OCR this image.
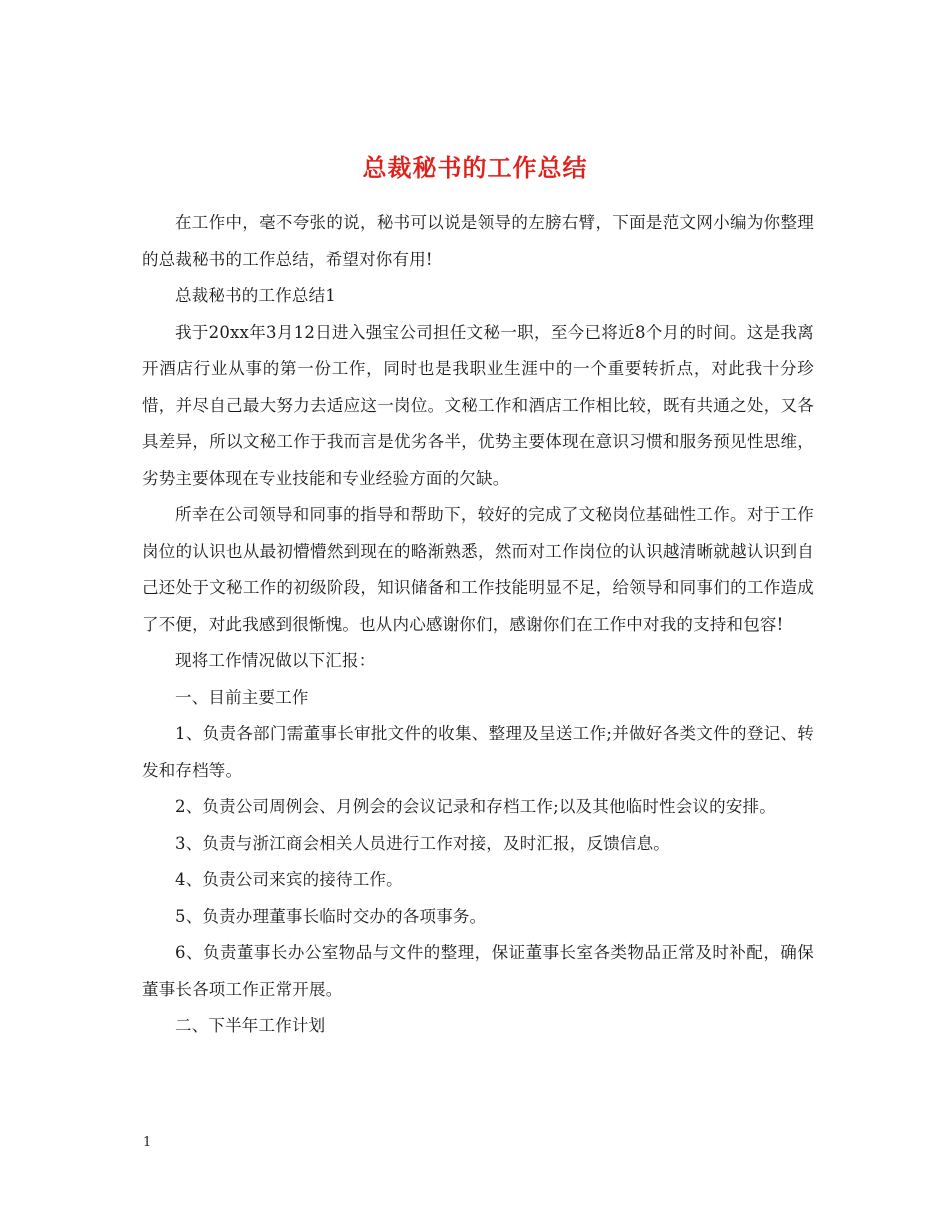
总裁秘书的工作总结

在工作中，毫不夸张的说，秘书可以说是领导的左膀右臂，下面是范文网小编为你整理的总裁秘书的工作总结，希望对你有用!

总裁秘书的工作总结1

我于20xx年3月12日进入强宝公司担任文秘一职，至今已将近8个月的时间。这是我离开酒店行业从事的第一份工作，同时也是我职业生涯中的一个重要转折点，对此我十分珍惜，并尽自己最大努力去适应这一岗位。文秘工作和酒店工作相比较，既有共通之处，又各具差异，所以文秘工作于我而言是优劣各半，优势主要体现在意识习惯和服务预见性思维，劣势主要体现在专业技能和专业经验方面的欠缺。

所幸在公司领导和同事的指导和帮助下，较好的完成了文秘岗位基础性工作。对于工作岗位的认识也从最初懵懵然到现在的略渐熟悉，然而对工作岗位的认识越清晰就越认识到自己还处于文秘工作的初级阶段，知识储备和工作技能明显不足，给领导和同事们的工作造成了不便，对此我感到很惭愧。也从内心感谢你们，感谢你们在工作中对我的支持和包容!

现将工作情况做以下汇报：

一、目前主要工作

1、负责各部门需董事长审批文件的收集、整理及呈送工作;并做好各类文件的登记、转发和存档等。

2、负责公司周例会、月例会的会议记录和存档工作;以及其他临时性会议的安排。

3、负责与浙江商会相关人员进行工作对接，及时汇报，反馈信息。

4、负责公司来宾的接待工作。

5、负责办理董事长临时交办的各项事务。

6、负责董事长办公室物品与文件的整理，保证董事长室各类物品正常及时补配，确保董事长各项工作正常开展。

二、下半年工作计划

1
